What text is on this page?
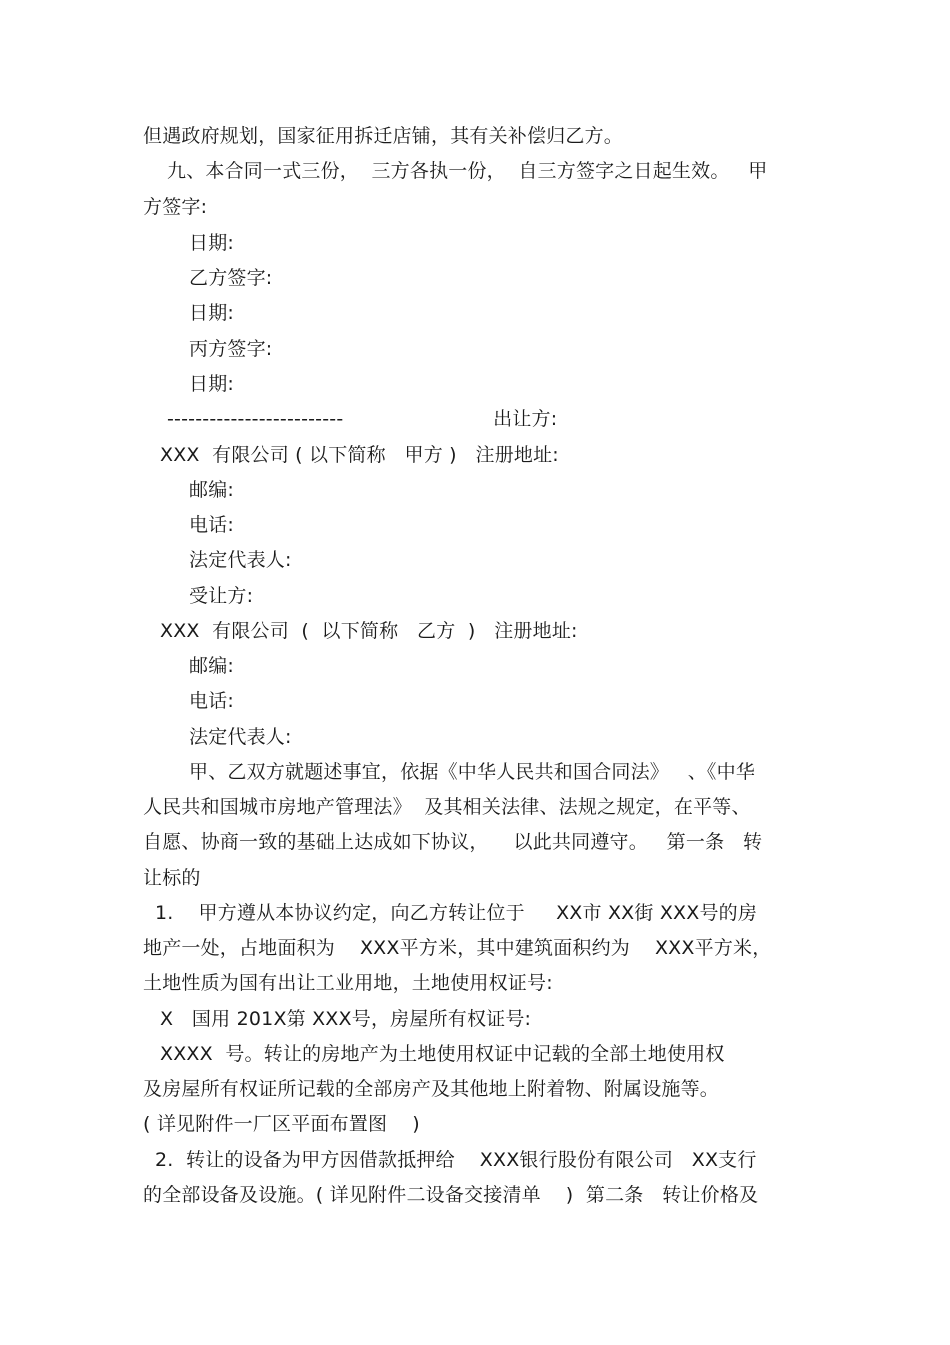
但遇政府规划，国家征用拆迁店铺，其有关补偿归乙方。
九、本合同一式三份，  三方各执一份，  自三方签字之日起生效。   甲
方签字:
日期:
乙方签字:
日期:
丙方签字:
日期:
-------------------------                        出让方:
XXX  有限公司 ( 以下简称   甲方 )   注册地址:
邮编:
电话:
法定代表人:
受让方:
XXX  有限公司  (  以下简称   乙方  )   注册地址:
邮编:
电话:
法定代表人:
甲、乙双方就题述事宜，依据《中华人民共和国合同法》   、《中华
人民共和国城市房地产管理法》  及其相关法律、法规之规定，在平等、
自愿、协商一致的基础上达成如下协议，    以此共同遵守。   第一条   转
让标的
1.    甲方遵从本协议约定，向乙方转让位于     XX市 XX街 XXX号的房
地产一处，占地面积为    XXX平方米，其中建筑面积约为    XXX平方米，
土地性质为国有出让工业用地，土地使用权证号:
X   国用 201X第 XXX号，房屋所有权证号:
XXXX  号。转让的房地产为土地使用权证中记载的全部土地使用权
及房屋所有权证所记载的全部房产及其他地上附着物、附属设施等。
( 详见附件一厂区平面布置图    )
2.  转让的设备为甲方因借款抵押给    XXX银行股份有限公司   XX支行
的全部设备及设施。( 详见附件二设备交接清单    )  第二条   转让价格及
